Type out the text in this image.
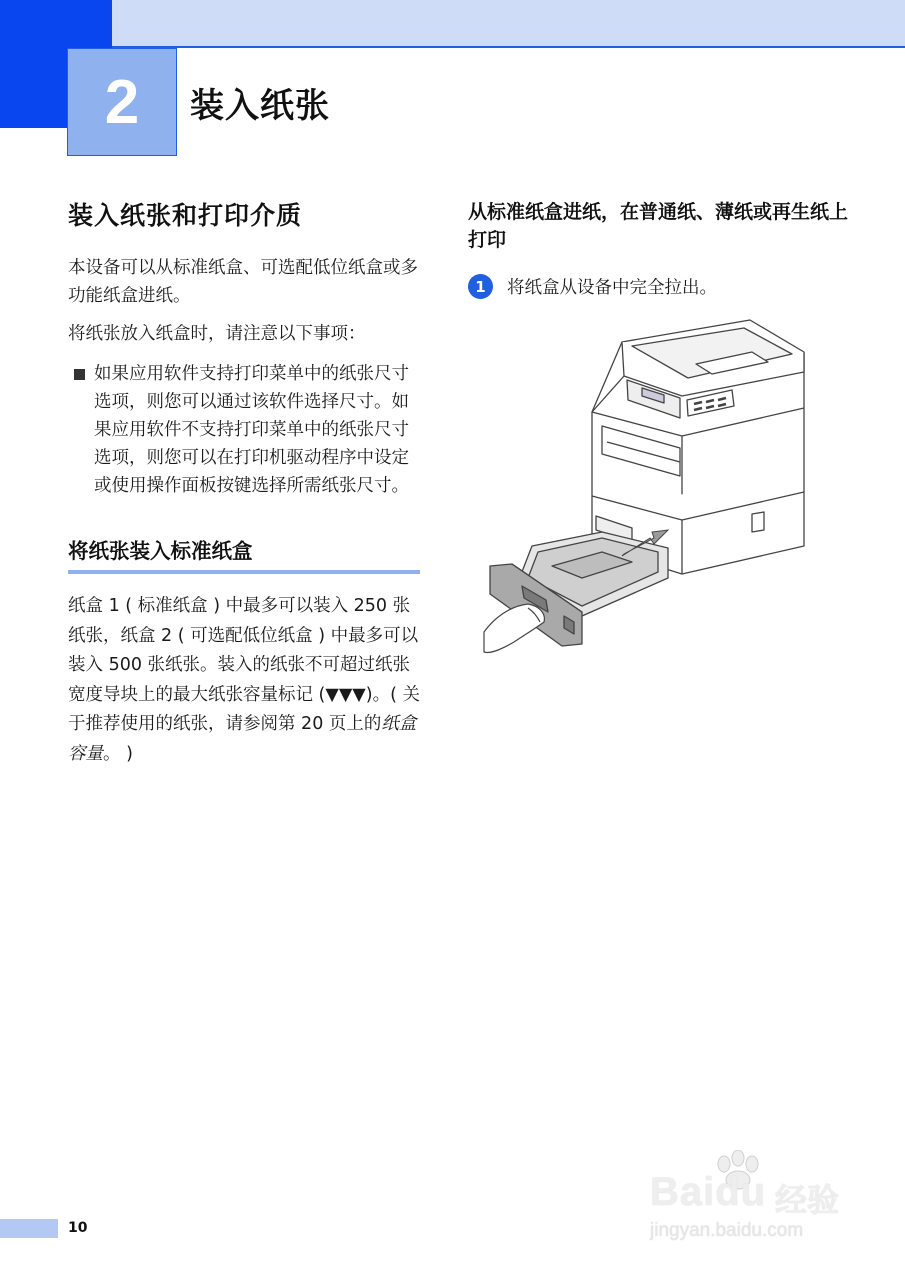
2 装入纸张
装入纸张和打印介质

本设备可以从标准纸盒、可选配低位纸盒或多功能纸盒进纸。

将纸张放入纸盒时，请注意以下事项：

如果应用软件支持打印菜单中的纸张尺寸选项，则您可以通过该软件选择尺寸。如果应用软件不支持打印菜单中的纸张尺寸选项，则您可以在打印机驱动程序中设定或使用操作面板按键选择所需纸张尺寸。
将纸张装入标准纸盒

纸盒 1 ( 标准纸盒 ) 中最多可以装入 250 张纸张，纸盒 2 ( 可选配低位纸盒 ) 中最多可以装入 500 张纸张。装入的纸张不可超过纸张宽度导块上的最大纸张容量标记 (▼▼▼)。( 关于推荐使用的纸张，请参阅第 20 页上的纸盒容量。 )

从标准纸盒进纸，在普通纸、薄纸或再生纸上打印
1	将纸盒从设备中完全拉出。
10
Baidu 经验
jingyan.baidu.com
